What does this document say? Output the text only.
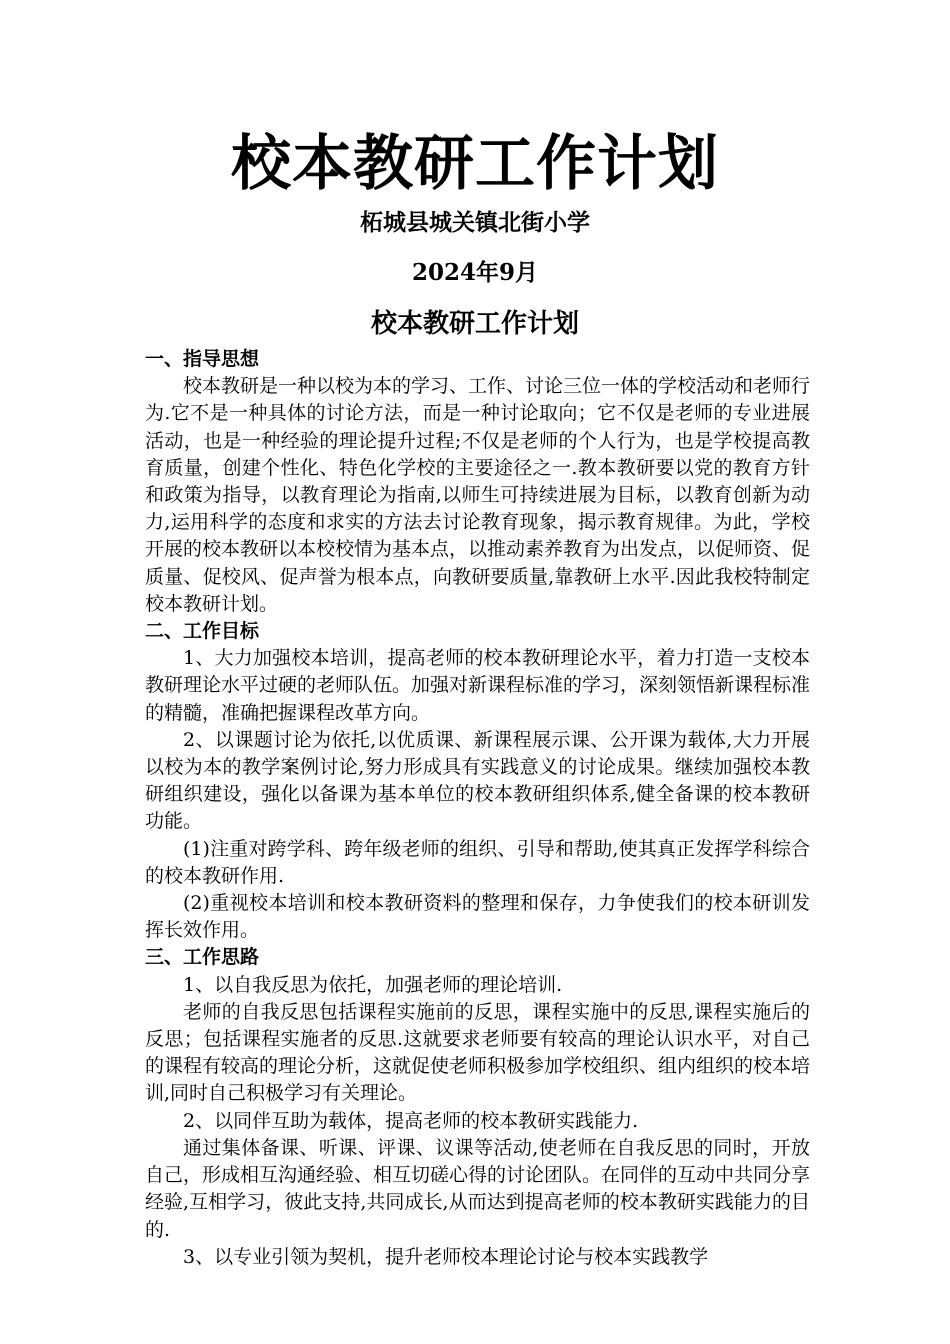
校本教研工作计划
柘城县城关镇北街小学
2024年9月
校本教研工作计划

一、指导思想

校本教研是一种以校为本的学习、工作、讨论三位一体的学校活动和老师行为.它不是一种具体的讨论方法，而是一种讨论取向；它不仅是老师的专业进展活动，也是一种经验的理论提升过程;不仅是老师的个人行为，也是学校提高教育质量，创建个性化、特色化学校的主要途径之一.教本教研要以党的教育方针和政策为指导，以教育理论为指南,以师生可持续进展为目标，以教育创新为动力,运用科学的态度和求实的方法去讨论教育现象，揭示教育规律。为此，学校开展的校本教研以本校校情为基本点，以推动素养教育为出发点，以促师资、促质量、促校风、促声誉为根本点，向教研要质量,靠教研上水平.因此我校特制定校本教研计划。

二、工作目标

1、大力加强校本培训，提高老师的校本教研理论水平，着力打造一支校本教研理论水平过硬的老师队伍。加强对新课程标准的学习，深刻领悟新课程标准的精髓，准确把握课程改革方向。

2、以课题讨论为依托,以优质课、新课程展示课、公开课为载体,大力开展以校为本的教学案例讨论,努力形成具有实践意义的讨论成果。继续加强校本教研组织建设，强化以备课为基本单位的校本教研组织体系,健全备课的校本教研功能。

(1)注重对跨学科、跨年级老师的组织、引导和帮助,使其真正发挥学科综合的校本教研作用.

(2)重视校本培训和校本教研资料的整理和保存，力争使我们的校本研训发挥长效作用。

三、工作思路

1、以自我反思为依托，加强老师的理论培训.

老师的自我反思包括课程实施前的反思，课程实施中的反思,课程实施后的反思；包括课程实施者的反思.这就要求老师要有较高的理论认识水平，对自己的课程有较高的理论分析，这就促使老师积极参加学校组织、组内组织的校本培训,同时自己积极学习有关理论。

2、以同伴互助为载体，提高老师的校本教研实践能力.

通过集体备课、听课、评课、议课等活动,使老师在自我反思的同时，开放自己，形成相互沟通经验、相互切磋心得的讨论团队。在同伴的互动中共同分享经验,互相学习，彼此支持,共同成长,从而达到提高老师的校本教研实践能力的目的.

3、以专业引领为契机，提升老师校本理论讨论与校本实践教学
